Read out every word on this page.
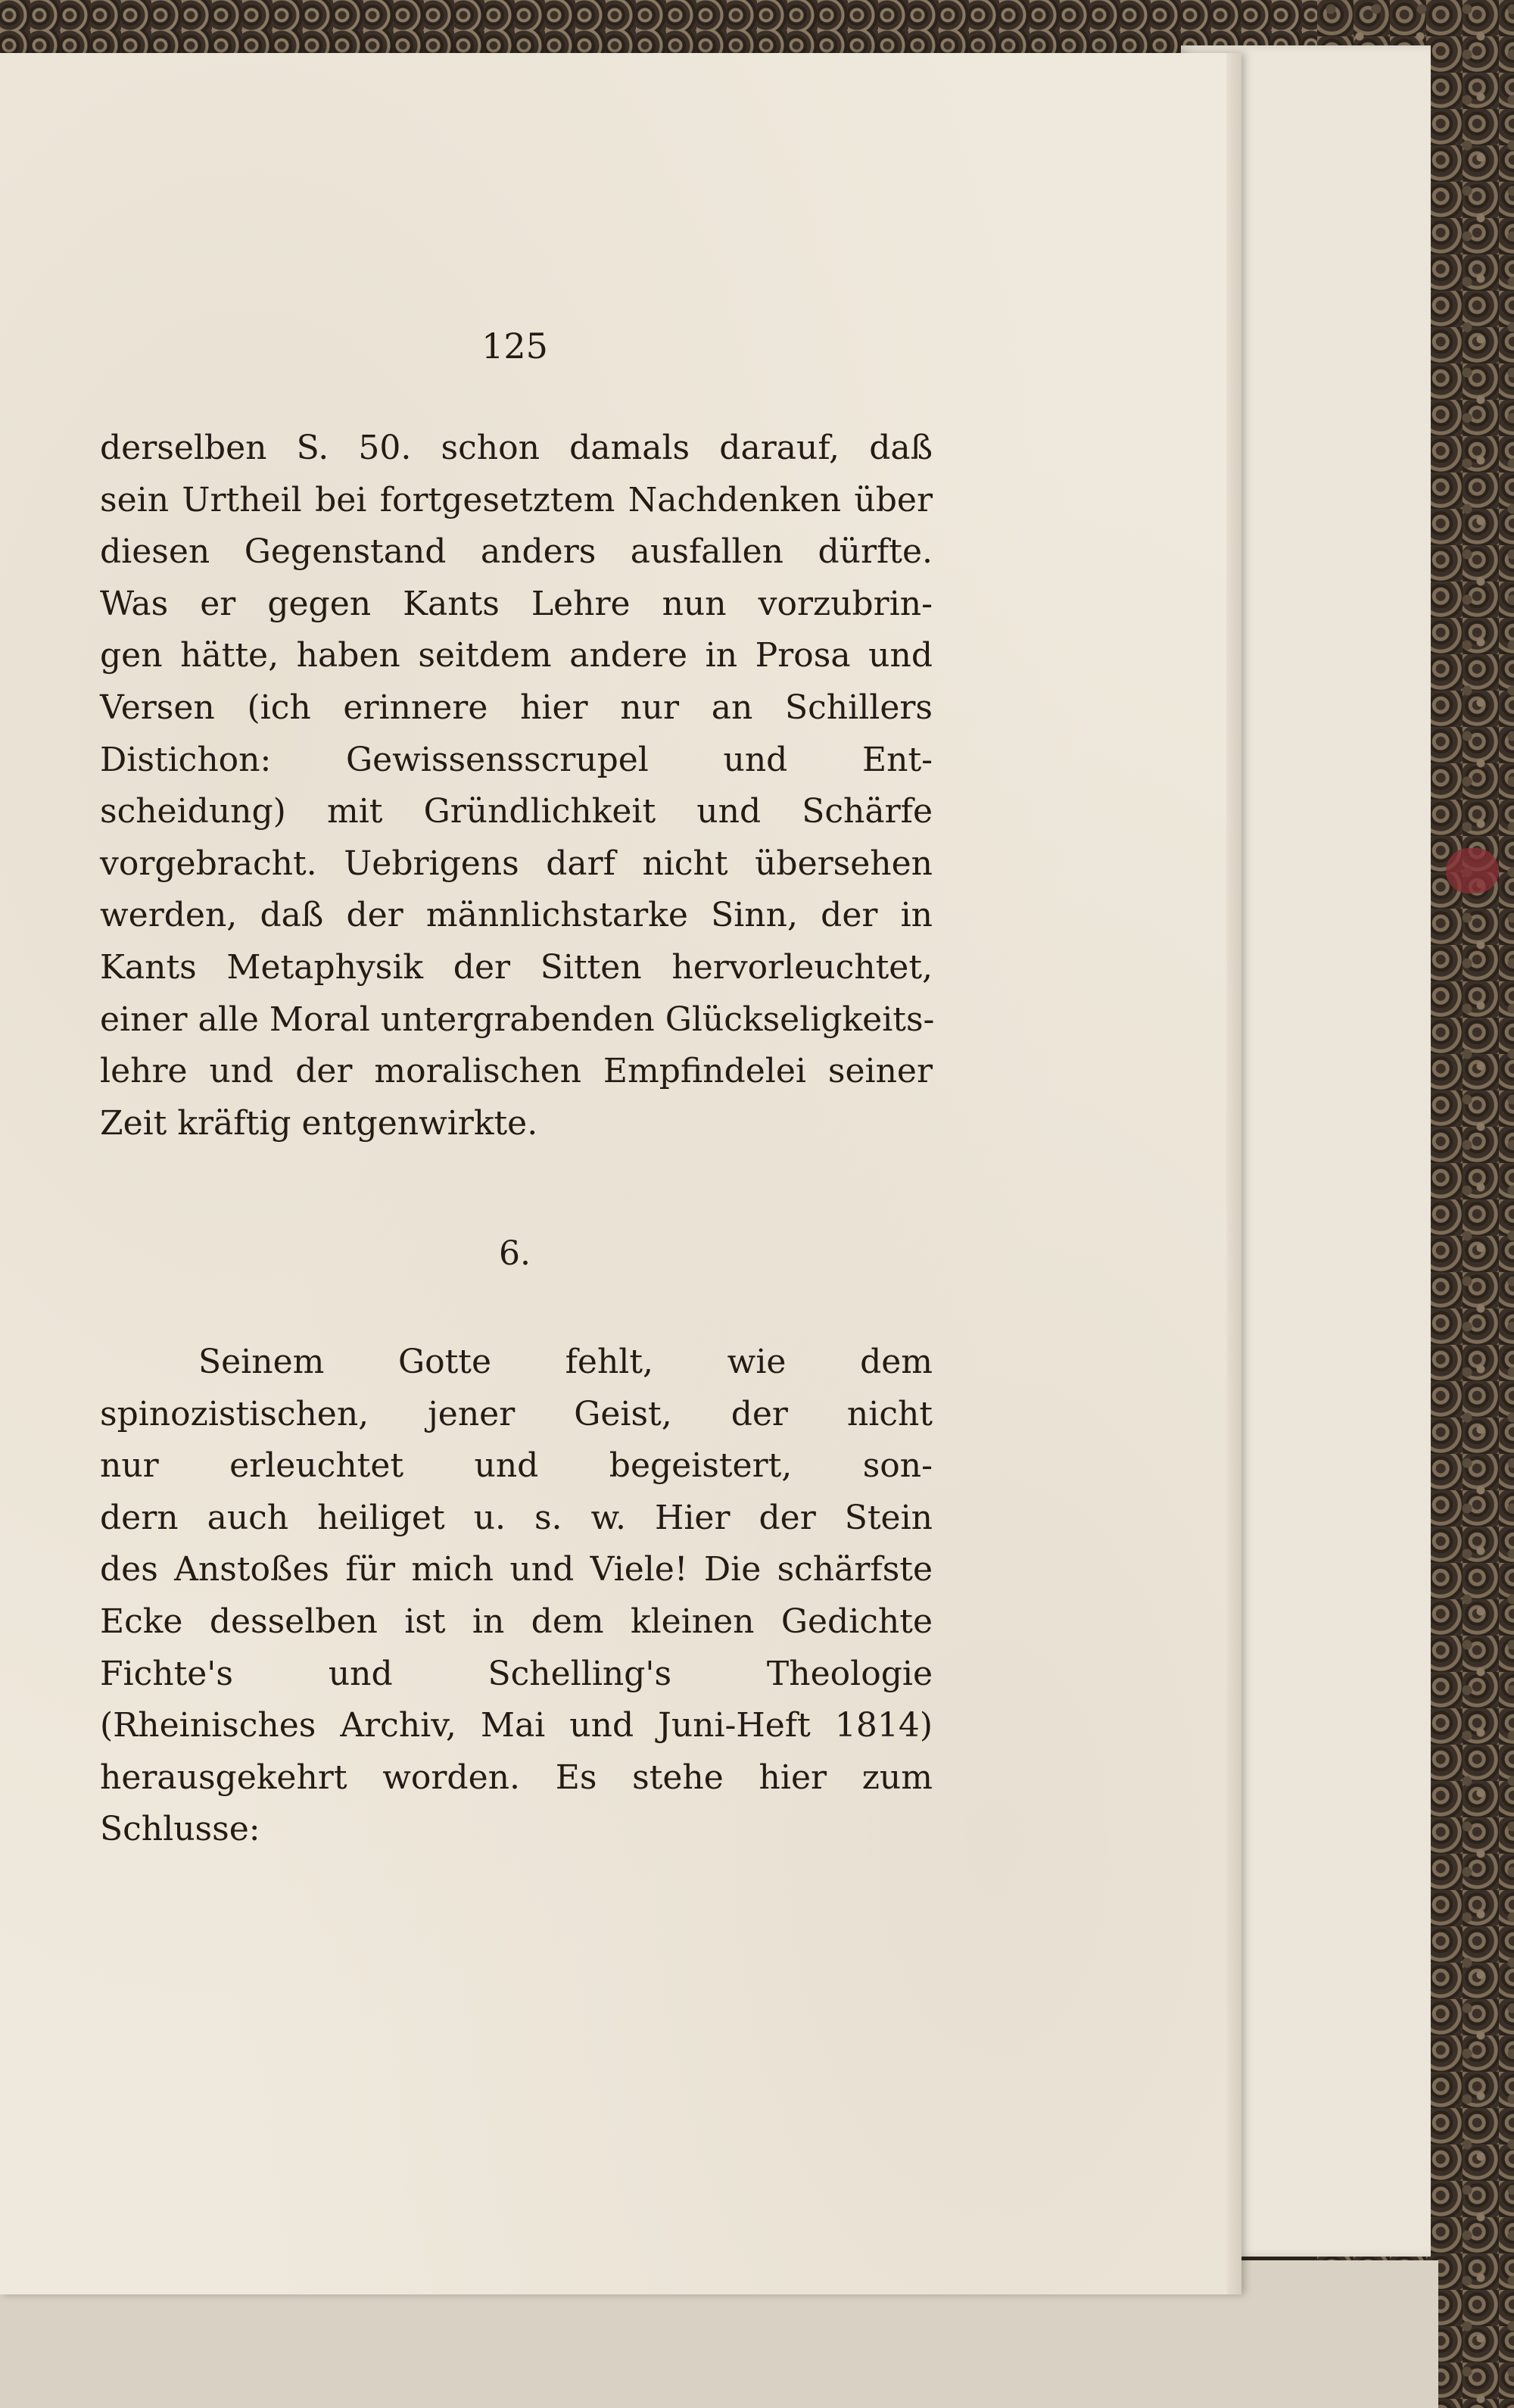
125
derselben S. 50. schon damals darauf, daß
sein Urtheil bei fortgesetztem Nachdenken über
diesen Gegenstand anders ausfallen dürfte.
Was er gegen Kants Lehre nun vorzubrin-
gen hätte, haben seitdem andere in Prosa und
Versen (ich erinnere hier nur an Schillers
Distichon: Gewissensscrupel und Ent-
scheidung) mit Gründlichkeit und Schärfe
vorgebracht. Uebrigens darf nicht übersehen
werden, daß der männlichstarke Sinn, der in
Kants Metaphysik der Sitten hervorleuchtet,
einer alle Moral untergrabenden Glückseligkeits-
lehre und der moralischen Empfindelei seiner
Zeit kräftig entgenwirkte.
6.
Seinem Gotte fehlt, wie dem
spinozistischen, jener Geist, der nicht
nur erleuchtet und begeistert, son-
dern auch heiliget u. s. w. Hier der Stein
des Anstoßes für mich und Viele! Die schärfste
Ecke desselben ist in dem kleinen Gedichte
Fichte's und Schelling's Theologie
(Rheinisches Archiv, Mai und Juni-Heft 1814)
herausgekehrt worden. Es stehe hier zum
Schlusse:
